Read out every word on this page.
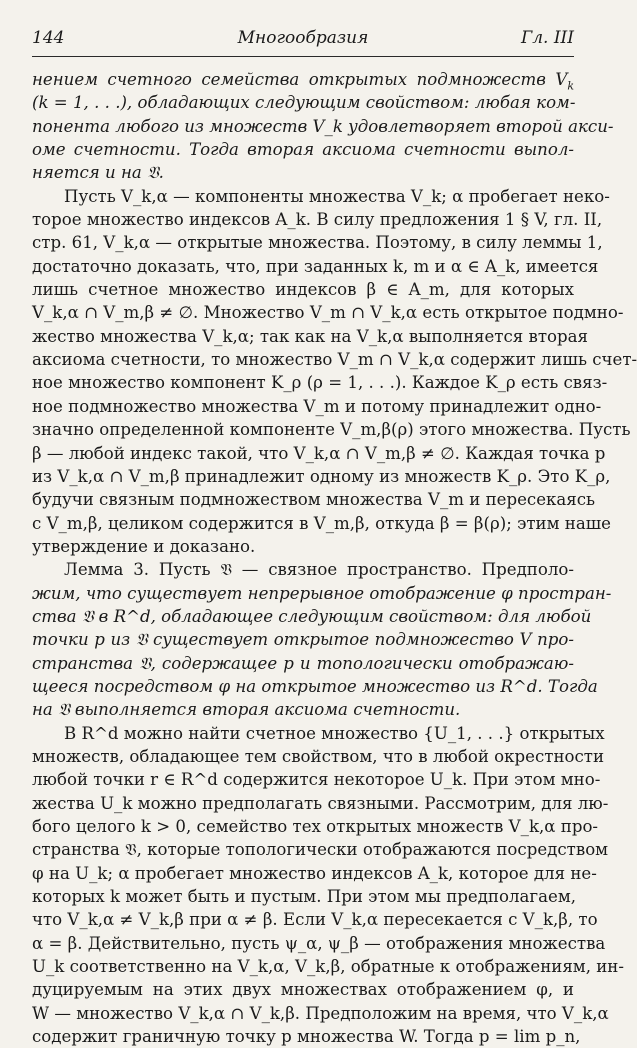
144	Многообразия	Гл. III
нением счетного семейства открытых подмножеств $V_k$
(k = 1, . . .), обладающих следующим свойством: любая ком-
понента любого из множеств V_k удовлетворяет второй акси-
оме счетности. Тогда вторая аксиома счетности выпол-
няется и на 𝔙.
Пусть V_k,α — компоненты множества V_k; α пробегает неко-
торое множество индексов A_k. В силу предложения 1 § V, гл. II,
стр. 61, V_k,α — открытые множества. Поэтому, в силу леммы 1,
достаточно доказать, что, при заданных k, m и α ∈ A_k, имеется
лишь счетное множество индексов β ∈ A_m, для которых
V_k,α ∩ V_m,β ≠ ∅. Множество V_m ∩ V_k,α есть открытое подмно-
жество множества V_k,α; так как на V_k,α выполняется вторая
аксиома счетности, то множество V_m ∩ V_k,α содержит лишь счет-
ное множество компонент K_ρ (ρ = 1, . . .). Каждое K_ρ есть связ-
ное подмножество множества V_m и потому принадлежит одно-
значно определенной компоненте V_m,β(ρ) этого множества. Пусть
β — любой индекс такой, что V_k,α ∩ V_m,β ≠ ∅. Каждая точка p
из V_k,α ∩ V_m,β принадлежит одному из множеств K_ρ. Это K_ρ,
будучи связным подмножеством множества V_m и пересекаясь
с V_m,β, целиком содержится в V_m,β, откуда β = β(ρ); этим наше
утверждение и доказано.
Лемма 3. Пусть 𝔙 — связное пространство. Предполо-
жим, что существует непрерывное отображение φ простран-
ства 𝔙 в R^d, обладающее следующим свойством: для любой
точки p из 𝔙 существует открытое подмножество V про-
странства 𝔙, содержащее p и топологически отображаю-
щееся посредством φ на открытое множество из R^d. Тогда
на 𝔙 выполняется вторая аксиома счетности.
В R^d можно найти счетное множество {U_1, . . .} открытых
множеств, обладающее тем свойством, что в любой окрестности
любой точки r ∈ R^d содержится некоторое U_k. При этом мно-
жества U_k можно предполагать связными. Рассмотрим, для лю-
бого целого k > 0, семейство тех открытых множеств V_k,α про-
странства 𝔙, которые топологически отображаются посредством
φ на U_k; α пробегает множество индексов A_k, которое для не-
которых k может быть и пустым. При этом мы предполагаем,
что V_k,α ≠ V_k,β при α ≠ β. Если V_k,α пересекается с V_k,β, то
α = β. Действительно, пусть ψ_α, ψ_β — отображения множества
U_k соответственно на V_k,α, V_k,β, обратные к отображениям, ин-
дуцируемым на этих двух множествах отображением φ, и
W — множество V_k,α ∩ V_k,β. Предположим на время, что V_k,α
содержит граничную точку p множества W. Тогда p = lim p_n,
